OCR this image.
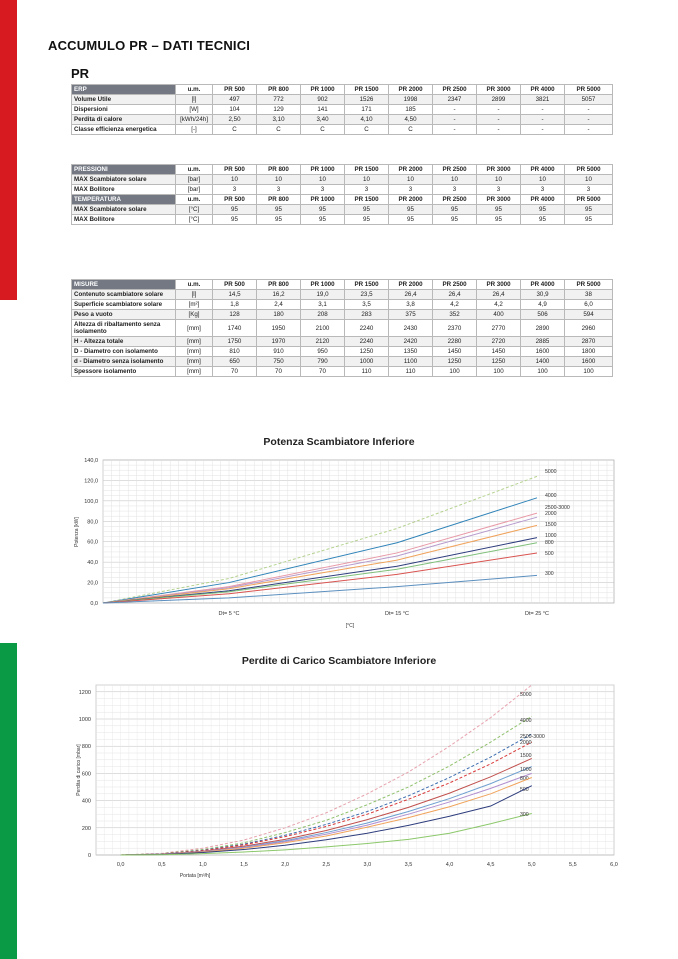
ACCUMULO PR – DATI TECNICI
PR
ERP	u.m.	PR 500	PR 800	PR 1000	PR 1500	PR 2000	PR 2500	PR 3000	PR 4000	PR 5000
Volume Utile	[l]	497	772	902	1526	1998	2347	2899	3821	5057
Dispersioni	[W]	104	129	141	171	185	-	-	-	-
Perdita di calore	[kWh/24h]	2,50	3,10	3,40	4,10	4,50	-	-	-	-
Classe efficienza energetica	[-]	C	C	C	C	C	-	-	-	-
PRESSIONI	u.m.	PR 500	PR 800	PR 1000	PR 1500	PR 2000	PR 2500	PR 3000	PR 4000	PR 5000
MAX Scambiatore solare	[bar]	10	10	10	10	10	10	10	10	10
MAX Bollitore	[bar]	3	3	3	3	3	3	3	3	3
TEMPERATURA	u.m.	PR 500	PR 800	PR 1000	PR 1500	PR 2000	PR 2500	PR 3000	PR 4000	PR 5000
MAX Scambiatore solare	[°C]	95	95	95	95	95	95	95	95	95
MAX Bollitore	[°C]	95	95	95	95	95	95	95	95	95
MISURE	u.m.	PR 500	PR 800	PR 1000	PR 1500	PR 2000	PR 2500	PR 3000	PR 4000	PR 5000
Contenuto scambiatore solare	[l]	14,5	16,2	19,0	23,5	26,4	26,4	26,4	30,9	38
Superficie scambiatore solare	[m²]	1,8	2,4	3,1	3,5	3,8	4,2	4,2	4,9	6,0
Peso a vuoto	[Kg]	128	180	208	283	375	352	400	506	594
Altezza di ribaltamento senza isolamento	[mm]	1740	1950	2100	2240	2430	2370	2770	2890	2960
H - Altezza totale	[mm]	1750	1970	2120	2240	2420	2280	2720	2885	2870
D - Diametro con isolamento	[mm]	810	910	950	1250	1350	1450	1450	1600	1800
d - Diametro senza isolamento	[mm]	650	750	790	1000	1100	1250	1250	1400	1600
Spessore isolamento	[mm]	70	70	70	110	110	100	100	100	100
Potenza Scambiatore Inferiore
0,0
20,0
40,0
60,0
80,0
100,0
120,0
140,0
Dt= 5 °C	Dt= 15 °C	Dt= 25 °C
[°C]
Potenza [kW]
5000
4000
2500-3000
2000
1500
1000
800
500
300
Perdite di Carico Scambiatore Inferiore
0
200
400
600
800
1000
1200
0,0	0,5	1,0	1,5	2,0	2,5	3,0	3,5	4,0	4,5	5,0	5,5	6,0
Portata [m³/h]
Perdita di carico [mbar]
5000
4000
2500-3000
2000
1500
1000
800
500
300
